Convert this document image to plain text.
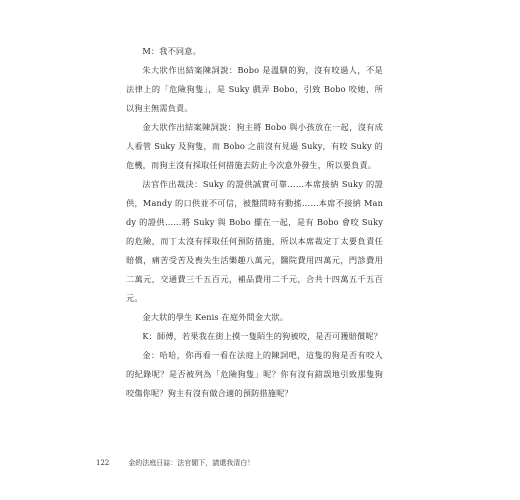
M：我不同意。

朱大狀作出結案陳詞說：Bobo 是溫馴的狗，沒有咬過人，不是法律上的「危險狗隻」，是 Suky 戲弄 Bobo，引致 Bobo 咬她，所以狗主無需負責。

金大狀作出結案陳詞說：狗主將 Bobo 與小孩放在一起，沒有成人看管 Suky 及狗隻，而 Bobo 之前沒有見過 Suky，有咬 Suky 的危機，而狗主沒有採取任何措施去防止今次意外發生，所以要負責。

法官作出裁決：Suky 的證供誠實可靠……本席接納 Suky 的證供，Mandy 的口供並不可信，被盤問時有動搖……本席不接納 Mandy 的證供……將 Suky 與 Bobo 擺在一起，是有 Bobo 會咬 Suky 的危險，而丁太沒有採取任何預防措施，所以本席裁定丁太要負責任賠償，痛苦受苦及喪失生活樂趣八萬元，醫院費用四萬元，門診費用二萬元，交通費三千五百元，補品費用二千元，合共十四萬五千五百元。

金大狀的學生 Kenis 在庭外問金大狀。

K：師傅，若果我在街上摸一隻陌生的狗被咬，是否可獲賠償呢？

金：哈哈，你再看一看在法庭上的陳詞吧，這隻的狗是否有咬人的紀錄呢？是否被列為「危險狗隻」呢？你有沒有錯誤地引致那隻狗咬傷你呢？狗主有沒有做合適的預防措施呢？

122	金的法庭日誌：法官閣下，請還我清白！
